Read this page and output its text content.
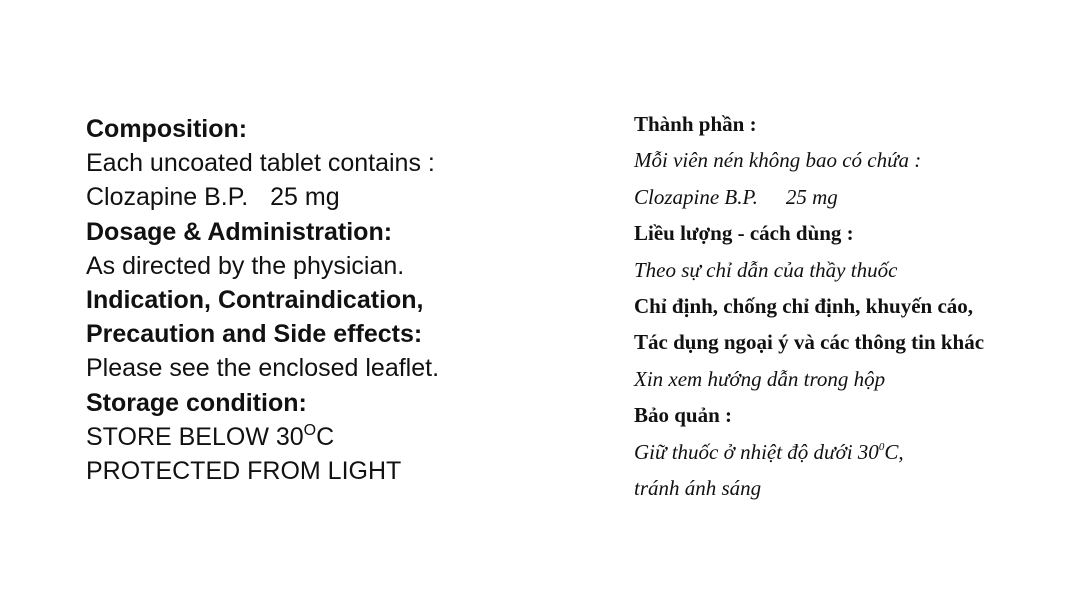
Composition:
Each uncoated tablet contains :
Clozapine B.P. 25 mg
Dosage & Administration:
As directed by the physician.
Indication, Contraindication,
Precaution and Side effects:
Please see the enclosed leaflet.
Storage condition:
STORE BELOW $30^OC$
PROTECTED FROM LIGHT
Thành phần :
Mỗi viên nén không bao có chứa :
Clozapine B.P. 25 mg
Liều lượng - cách dùng :
Theo sự chỉ dẫn của thầy thuốc
Chỉ định, chống chỉ định, khuyến cáo,
Tác dụng ngoại ý và các thông tin khác
Xin xem hướng dẫn trong hộp
Bảo quản :
Giữ thuốc ở nhiệt độ dưới $30^0C$,
tránh ánh sáng
